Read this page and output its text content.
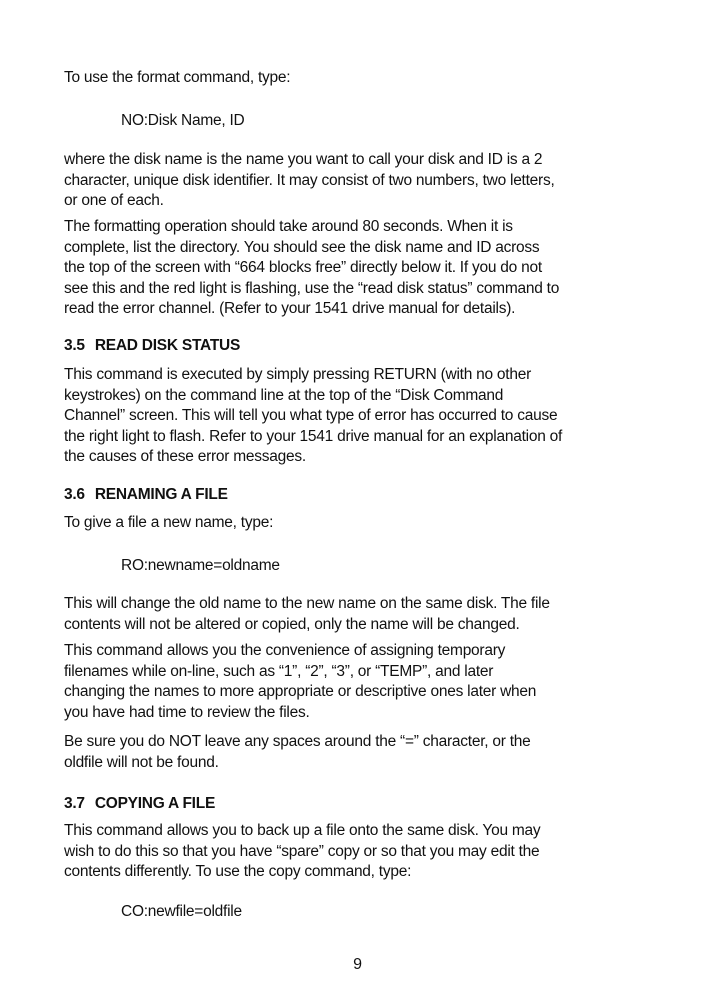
To use the format command, type:

NO:Disk Name, ID

where the disk name is the name you want to call your disk and ID is a 2
character, unique disk identifier. It may consist of two numbers, two letters,
or one of each.

The formatting operation should take around 80 seconds. When it is
complete, list the directory. You should see the disk name and ID across
the top of the screen with “664 blocks free” directly below it. If you do not
see this and the red light is flashing, use the “read disk status” command to
read the error channel. (Refer to your 1541 drive manual for details).

3.5 READ DISK STATUS

This command is executed by simply pressing RETURN (with no other
keystrokes) on the command line at the top of the “Disk Command
Channel” screen. This will tell you what type of error has occurred to cause
the right light to flash. Refer to your 1541 drive manual for an explanation of
the causes of these error messages.

3.6 RENAMING A FILE

To give a file a new name, type:

RO:newname=oldname

This will change the old name to the new name on the same disk. The file
contents will not be altered or copied, only the name will be changed.

This command allows you the convenience of assigning temporary
filenames while on-line, such as “1”, “2”, “3”, or “TEMP”, and later
changing the names to more appropriate or descriptive ones later when
you have had time to review the files.

Be sure you do NOT leave any spaces around the “=” character, or the
oldfile will not be found.

3.7 COPYING A FILE

This command allows you to back up a file onto the same disk. You may
wish to do this so that you have “spare” copy or so that you may edit the
contents differently. To use the copy command, type:

CO:newfile=oldfile

9
